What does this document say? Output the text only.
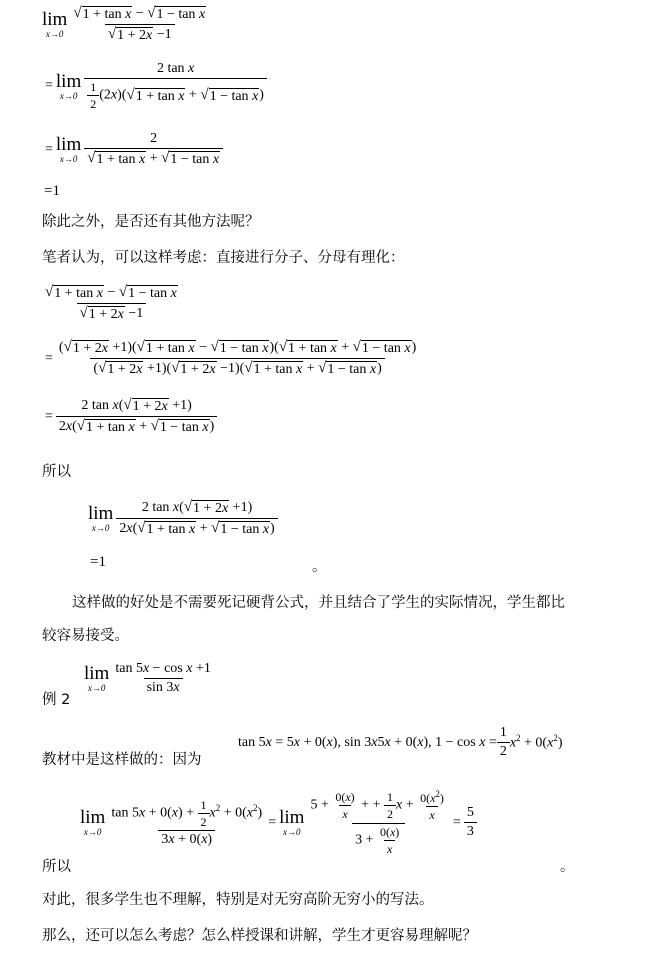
lim
$x\to 0 \frac{\text{√ 1 + tan x − √ 1 − tan x}}{√ 1 + 2x -1}$
= lim
$x\to 0 \frac{\text{2 tan x}}{\frac{1}{2} (2x)( √ 1 + \tan x + √ 1 - \tan x )}$
= lim
$x\to 0 \frac{2}{\text{√ 1 + tan x + √ 1 − tan x}}$
=1
除此之外，是否还有其他方法呢？
笔者认为，可以这样考虑：直接进行分子、分母有理化：
$\frac{\text{√ 1 + tan x − √ 1 − tan x}}{√ 1 + 2x -1}$
=
( √ 1 + 2x +1)( √ 1 + tan x − √ 1 − tan x )( √ 1 + tan x + √ 1 − tan x )
( √ 1 + 2x +1)( √ 1 + 2x −1)( √ 1 + tan x + √ 1 − tan x )
= $\frac{\text{2 tan x( √ 1 + 2x +1)}}{\text{2x( √ 1 + tan x + √ 1 − tan x )}}$
所以
lim
$x\to 0 \frac{\text{2 tan x( √ 1 + 2x +1)}}{\text{2x( √ 1 + tan x + √ 1 − tan x )}}$
=1	。
这样做的好处是不需要死记硬背公式，并且结合了学生的实际情况，学生都比
较容易接受。
例 2
lim
$x\to 0 \frac{\text{tan 5x − cos x +1}}{\sin 3x}$
教材中是这样做的：因为
tan 5x = 5x + 0(x), sin 3x5x + 0(x), $1 - \cos x = \frac{1}{2} x^2 + 0(x^2)$
lim
$x\to 0 \frac{\tan 5x + 0(x) + \frac{1}{2} x^2 + 0(x^2)}{3x + 0(x)} = \lim$
$x\to 0 \frac{5 + \frac{0(x)}{x} + + \frac{1}{2} x + \frac{0(x^2)}{x}}{3 + \frac{0(x)}{x}} = \frac{5}{3}$
所以	。
对此，很多学生也不理解，特别是对无穷高阶无穷小的写法。
那么，还可以怎么考虑？怎么样授课和讲解，学生才更容易理解呢？
